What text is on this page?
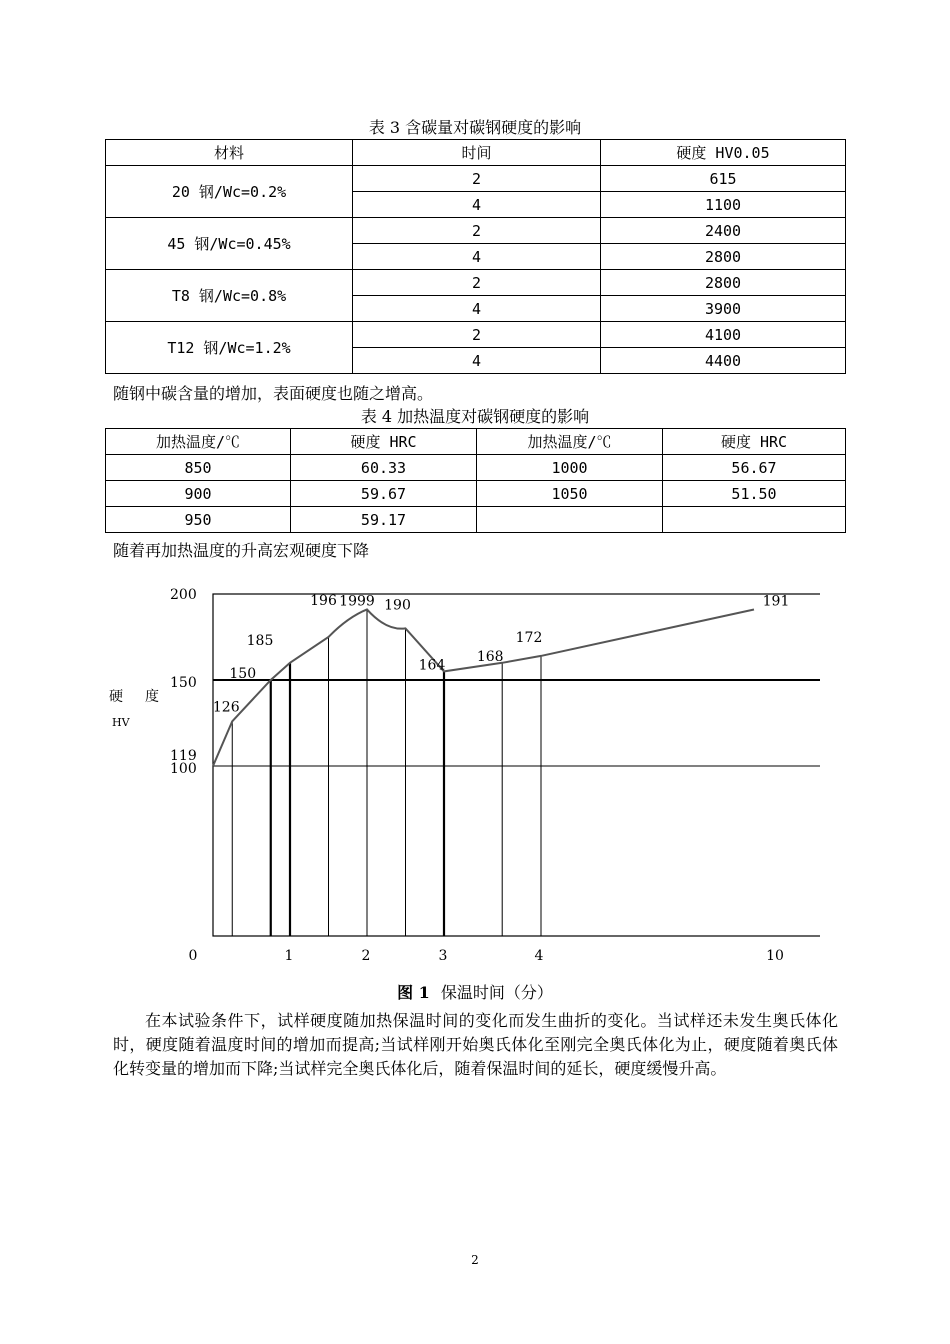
表 3 含碳量对碳钢硬度的影响
材料	时间	硬度 HV0.05
20 钢/Wc=0.2%	2	615
	4	1100
45 钢/Wc=0.45%	2	2400
	4	2800
T8 钢/Wc=0.8%	2	2800
	4	3900
T12 钢/Wc=1.2%	2	4100
	4	4400
随钢中碳含量的增加，表面硬度也随之增高。
表 4 加热温度对碳钢硬度的影响
加热温度/℃	硬度 HRC	加热温度/℃	硬度 HRC
850	60.33	1000	56.67
900	59.67	1050	51.50
950	59.17		
随着再加热温度的升高宏观硬度下降
200
150
119
100
0	1	2	3	4	10
126
150
185
196 1999 190
164
168
172
191
硬 度
HV
图 1 保温时间（分）
在本试验条件下，试样硬度随加热保温时间的变化而发生曲折的变化。当试样还未发生奥氏体化时，硬度随着温度时间的增加而提高;当试样刚开始奥氏体化至刚完全奥氏体化为止，硬度随着奥氏体化转变量的增加而下降;当试样完全奥氏体化后，随着保温时间的延长，硬度缓慢升高。
2
